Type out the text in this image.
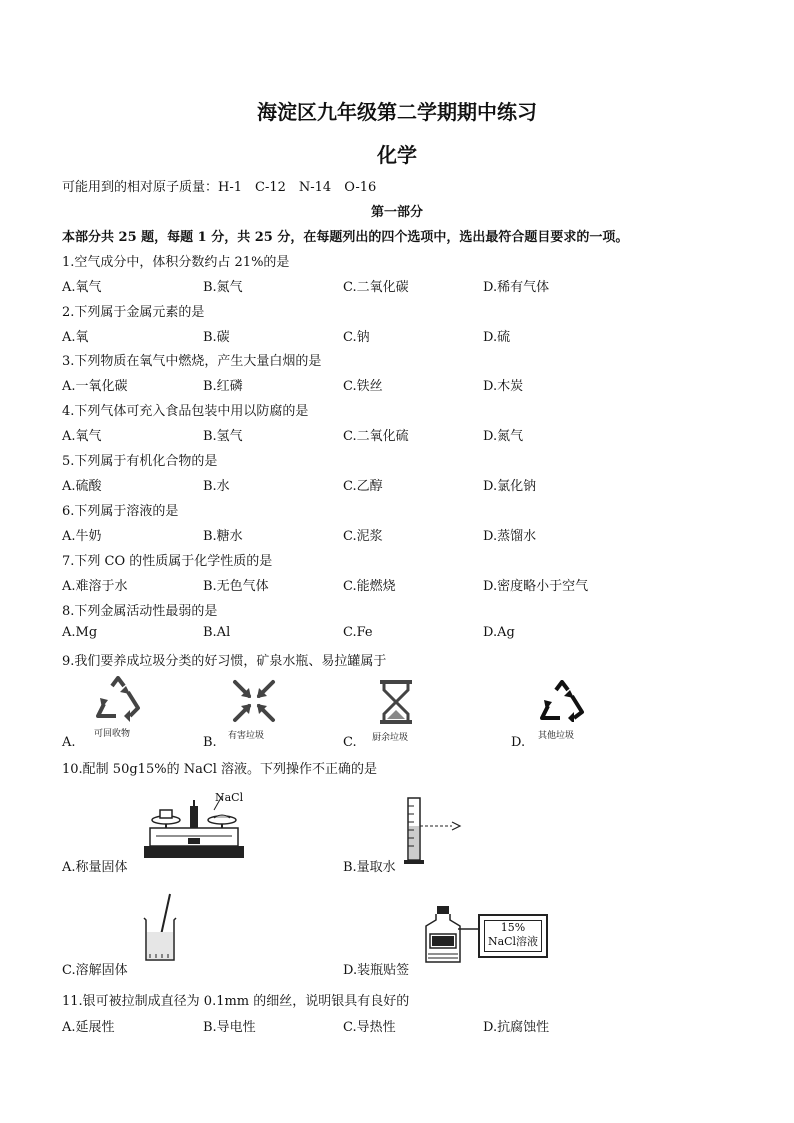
海淀区九年级第二学期期中练习
化学
可能用到的相对原子质量：H-1　C-12　N-14　O-16
第一部分
本部分共 25 题，每题 1 分，共 25 分，在每题列出的四个选项中，选出最符合题目要求的一项。
1.空气成分中，体积分数约占 21%的是
A.氧气	B.氮气	C.二氧化碳	D.稀有气体
2.下列属于金属元素的是
A.氧	B.碳	C.钠	D.硫
3.下列物质在氧气中燃烧，产生大量白烟的是
A.一氧化碳	B.红磷	C.铁丝	D.木炭
4.下列气体可充入食品包装中用以防腐的是
A.氧气	B.氢气	C.二氧化硫	D.氮气
5.下列属于有机化合物的是
A.硫酸	B.水	C.乙醇	D.氯化钠
6.下列属于溶液的是
A.牛奶	B.糖水	C.泥浆	D.蒸馏水
7.下列 CO 的性质属于化学性质的是
A.难溶于水	B.无色气体	C.能燃烧	D.密度略小于空气
8.下列金属活动性最弱的是
A.Mg	B.Al	C.Fe	D.Ag
9.我们要养成垃圾分类的好习惯，矿泉水瓶、易拉罐属于
A.
可回收物
B. 有害垃圾	C. 厨余垃圾	D. 其他垃圾
10.配制 50g15%的 NaCl 溶液。下列操作不正确的是
NaCl
A.称量固体	B.量取水
C.溶解固体
15%
NaCl溶液
D.装瓶贴签
11.银可被拉制成直径为 0.1mm 的细丝，说明银具有良好的
A.延展性	B.导电性	C.导热性	D.抗腐蚀性
